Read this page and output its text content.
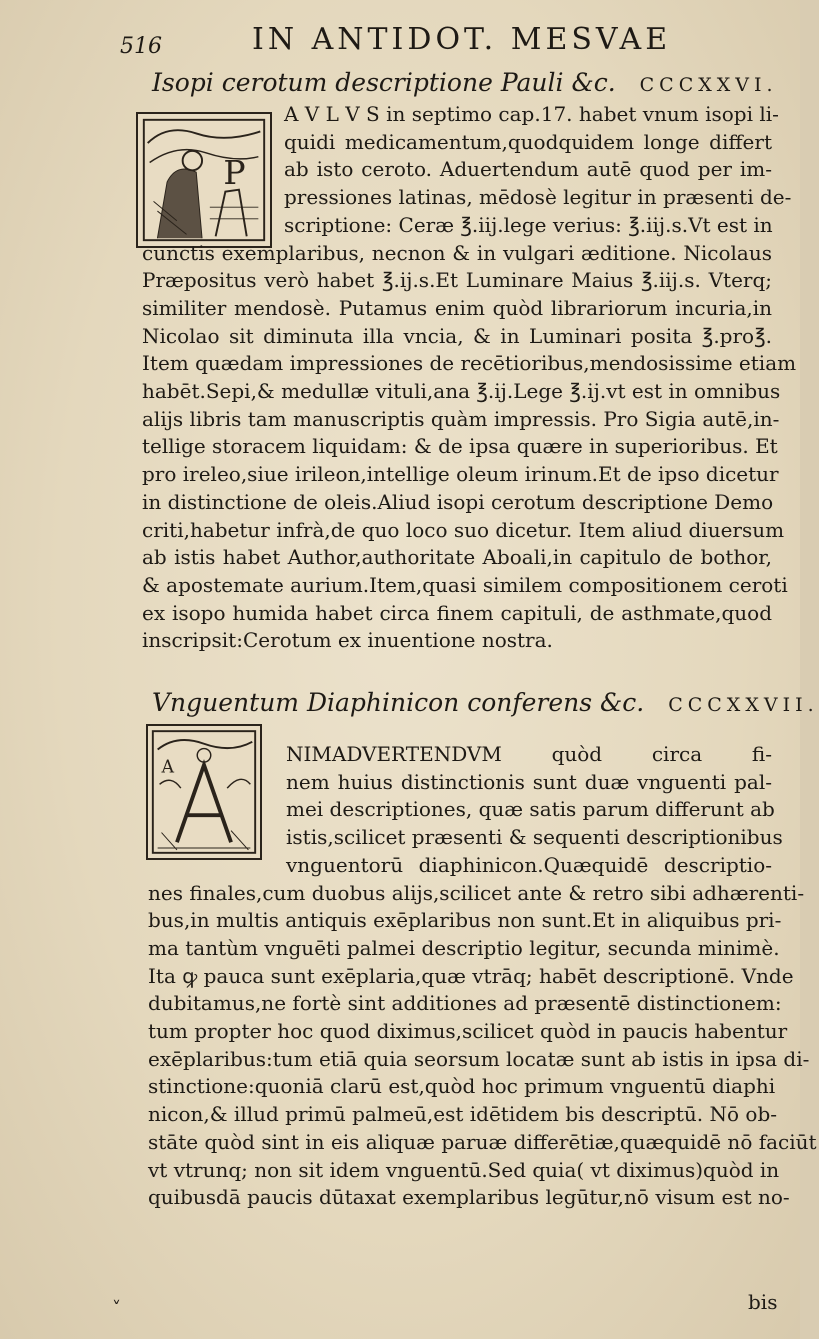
516	IN ANTIDOT. MESVAE
Isopi cerotum descriptione Pauli &c. CCCXXVI.
P
Vnguentum Diaphinicon conferens &c. CCCXXVII.
A
˅	bis
A V L V S in septimo cap.17. habet vnum isopi li-
quidi medicamentum,quodquidem longe differt
ab isto ceroto. Aduertendum autē quod per im-
pressiones latinas, mēdosè legitur in præsenti de-
scriptione: Ceræ ℥.iij.lege verius: ℥.iij.s.Vt est in
cunctis exemplaribus, necnon & in vulgari æditione. Nicolaus
Præpositus verò habet ℥.ij.s.Et Luminare Maius ℥.iij.s. Vterq;
similiter mendosè. Putamus enim quòd librariorum incuria,in
Nicolao sit diminuta illa vncia, & in Luminari posita ℥.pro℥.
Item quædam impressiones de recētioribus,mendosissime etiam
habēt.Sepi,& medullæ vituli,ana ℥.ij.Lege ℥.ij.vt est in omnibus
alijs libris tam manuscriptis quàm impressis. Pro Sigia autē,in-
tellige storacem liquidam: & de ipsa quære in superioribus. Et
pro ireleo,siue irileon,intellige oleum irinum.Et de ipso dicetur
in distinctione de oleis.Aliud isopi cerotum descriptione Demo
criti,habetur infrà,de quo loco suo dicetur. Item aliud diuersum
ab istis habet Author,authoritate Aboali,in capitulo de bothor,
& apostemate aurium.Item,quasi similem compositionem ceroti
ex isopo humida habet circa finem capituli, de asthmate,quod
inscripsit:Cerotum ex inuentione nostra.
NIMADVERTENDVM quòd circa fi-
nem huius distinctionis sunt duæ vnguenti pal-
mei descriptiones, quæ satis parum differunt ab
istis,scilicet præsenti & sequenti descriptionibus
vnguentorū diaphinicon.Quæquidē descriptio-
nes finales,cum duobus alijs,scilicet ante & retro sibi adhærenti-
bus,in multis antiquis exēplaribus non sunt.Et in aliquibus pri-
ma tantùm vnguēti palmei descriptio legitur, secunda minimè.
Ita ꝙ pauca sunt exēplaria,quæ vtrāq; habēt descriptionē. Vnde
dubitamus,ne fortè sint additiones ad præsentē distinctionem:
tum propter hoc quod diximus,scilicet quòd in paucis habentur
exēplaribus:tum etiā quia seorsum locatæ sunt ab istis in ipsa di-
stinctione:quoniā clarū est,quòd hoc primum vnguentū diaphi
nicon,& illud primū palmeū,est idētidem bis descriptū. Nō ob-
stāte quòd sint in eis aliquæ paruæ differētiæ,quæquidē nō faciūt
vt vtrunq; non sit idem vnguentū.Sed quia( vt diximus)quòd in
quibusdā paucis dūtaxat exemplaribus legūtur,nō visum est no-
